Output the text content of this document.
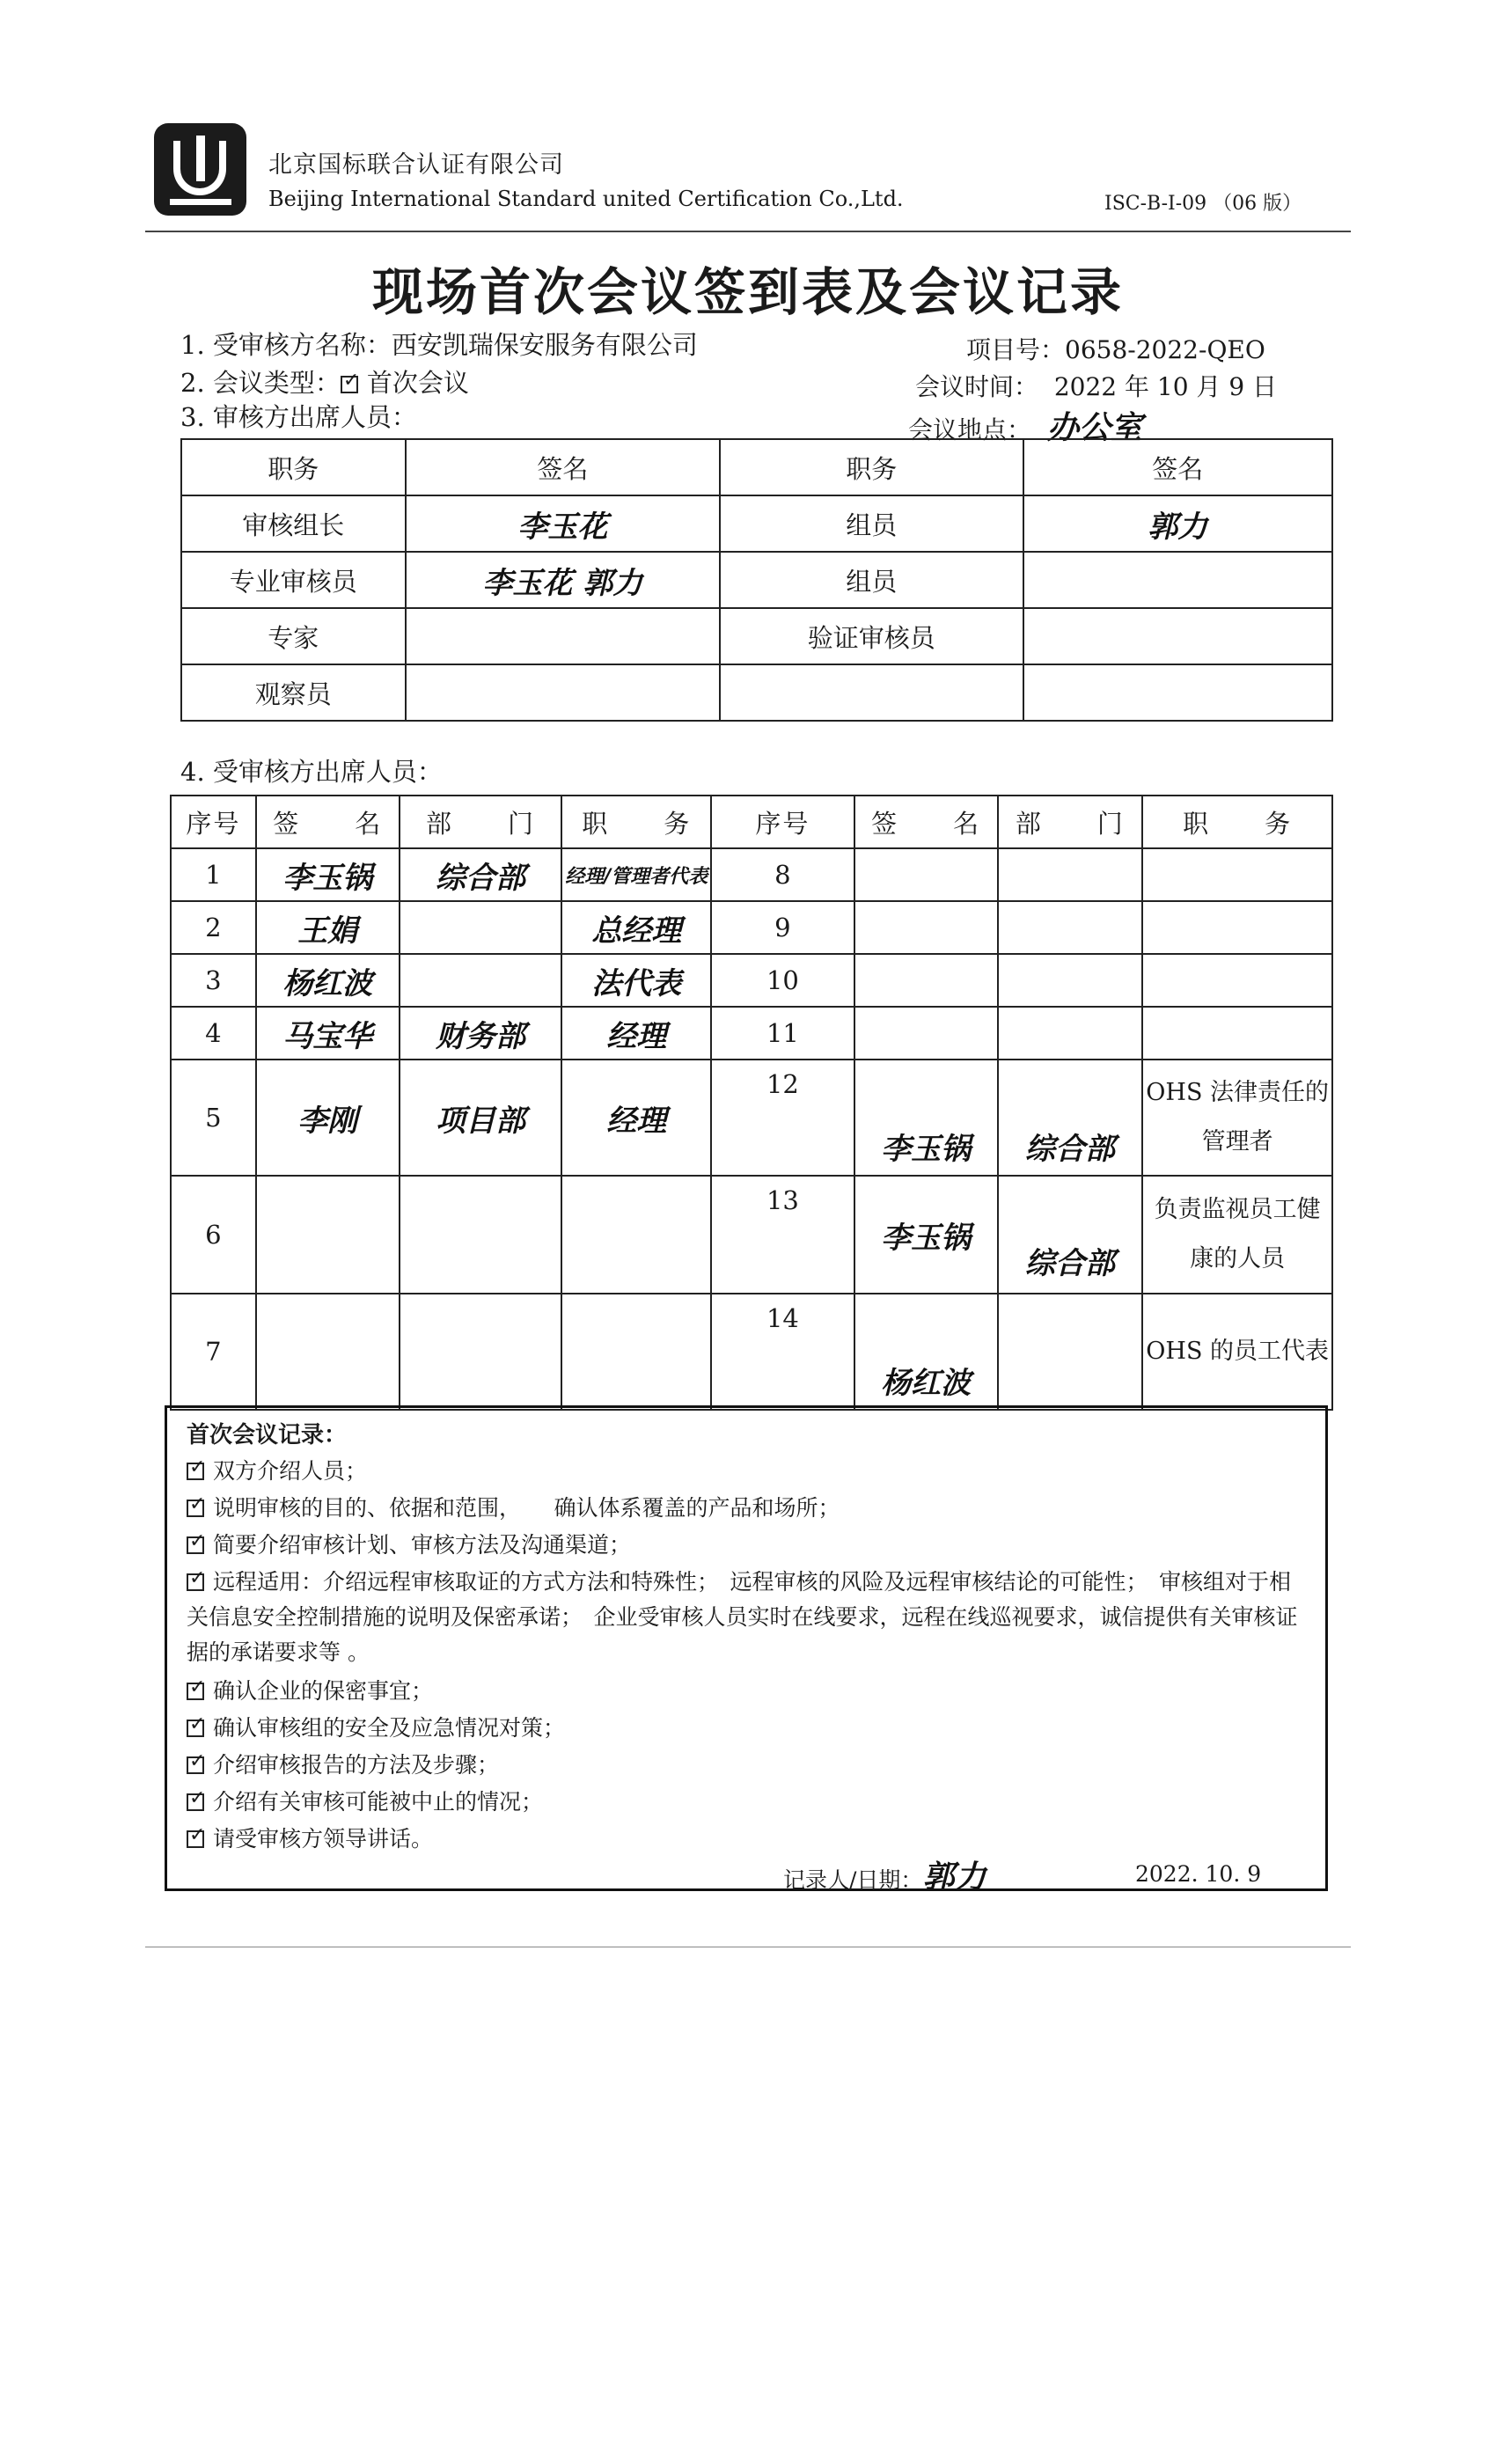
北京国标联合认证有限公司
Beijing International Standard united Certification Co.,Ltd.	ISC-B-I-09 （06 版）
现场首次会议签到表及会议记录
1. 受审核方名称：西安凯瑞保安服务有限公司	项目号：0658-2022-QEO
2. 会议类型： ✓ 首次会议	会议时间： 2022 年 10 月 9 日
3. 审核方出席人员：	会议地点： 办公室
职务	签名	职务	签名
审核组长	李玉花	组员	郭力
专业审核员	李玉花 郭力	组员	
专家		验证审核员	
观察员			
4. 受审核方出席人员：
序号	签　　名	部　　门	职　　务	序号	签　　名	部　　门	职　　务
1	李玉锅	综合部	经理/管理者代表	8			
2	王娟		总经理	9			
3	杨红波		法代表	10			
4	马宝华	财务部	经理	11			
5	李刚	项目部	经理	12	李玉锅	综合部	OHS 法律责任的管理者
6				13	李玉锅	综合部	负责监视员工健康的人员
7				14	杨红波		OHS 的员工代表
首次会议记录：
✓双方介绍人员；
✓说明审核的目的、依据和范围，　　确认体系覆盖的产品和场所；
✓简要介绍审核计划、审核方法及沟通渠道；
✓远程适用：介绍远程审核取证的方式方法和特殊性；　远程审核的风险及远程审核结论的可能性；　审核组对于相关信息安全控制措施的说明及保密承诺；　企业受审核人员实时在线要求，远程在线巡视要求，诚信提供有关审核证据的承诺要求等 。
✓确认企业的保密事宜；
✓确认审核组的安全及应急情况对策；
✓介绍审核报告的方法及步骤；
✓介绍有关审核可能被中止的情况；
✓请受审核方领导讲话。
记录人/日期：郭力	2022. 10. 9
